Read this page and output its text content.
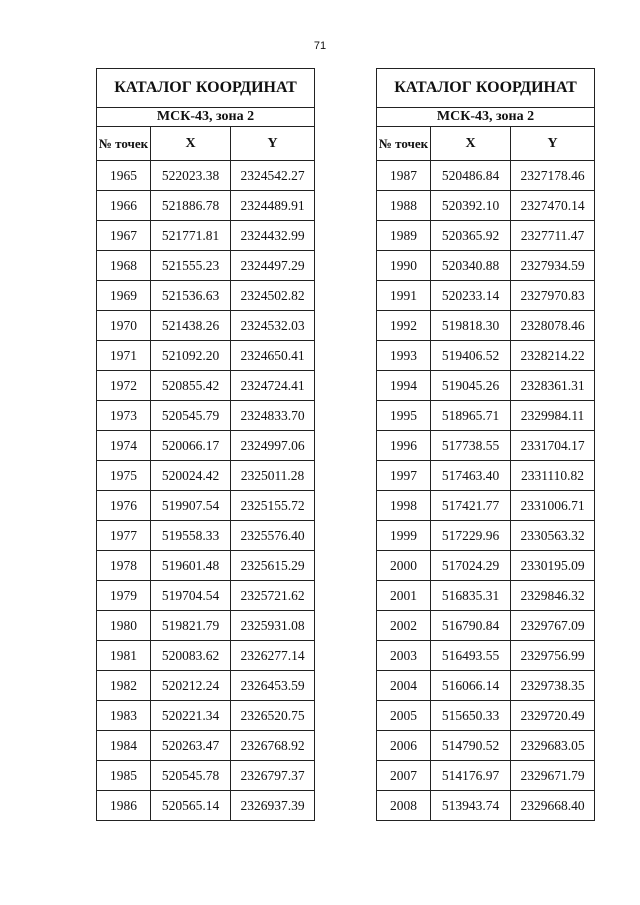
71
КАТАЛОГ КООРДИНАТ		
МСК-43, зона 2		
№ точек	X	Y
1965	522023.38	2324542.27
1966	521886.78	2324489.91
1967	521771.81	2324432.99
1968	521555.23	2324497.29
1969	521536.63	2324502.82
1970	521438.26	2324532.03
1971	521092.20	2324650.41
1972	520855.42	2324724.41
1973	520545.79	2324833.70
1974	520066.17	2324997.06
1975	520024.42	2325011.28
1976	519907.54	2325155.72
1977	519558.33	2325576.40
1978	519601.48	2325615.29
1979	519704.54	2325721.62
1980	519821.79	2325931.08
1981	520083.62	2326277.14
1982	520212.24	2326453.59
1983	520221.34	2326520.75
1984	520263.47	2326768.92
1985	520545.78	2326797.37
1986	520565.14	2326937.39
КАТАЛОГ КООРДИНАТ		
МСК-43, зона 2		
№ точек	X	Y
1987	520486.84	2327178.46
1988	520392.10	2327470.14
1989	520365.92	2327711.47
1990	520340.88	2327934.59
1991	520233.14	2327970.83
1992	519818.30	2328078.46
1993	519406.52	2328214.22
1994	519045.26	2328361.31
1995	518965.71	2329984.11
1996	517738.55	2331704.17
1997	517463.40	2331110.82
1998	517421.77	2331006.71
1999	517229.96	2330563.32
2000	517024.29	2330195.09
2001	516835.31	2329846.32
2002	516790.84	2329767.09
2003	516493.55	2329756.99
2004	516066.14	2329738.35
2005	515650.33	2329720.49
2006	514790.52	2329683.05
2007	514176.97	2329671.79
2008	513943.74	2329668.40
